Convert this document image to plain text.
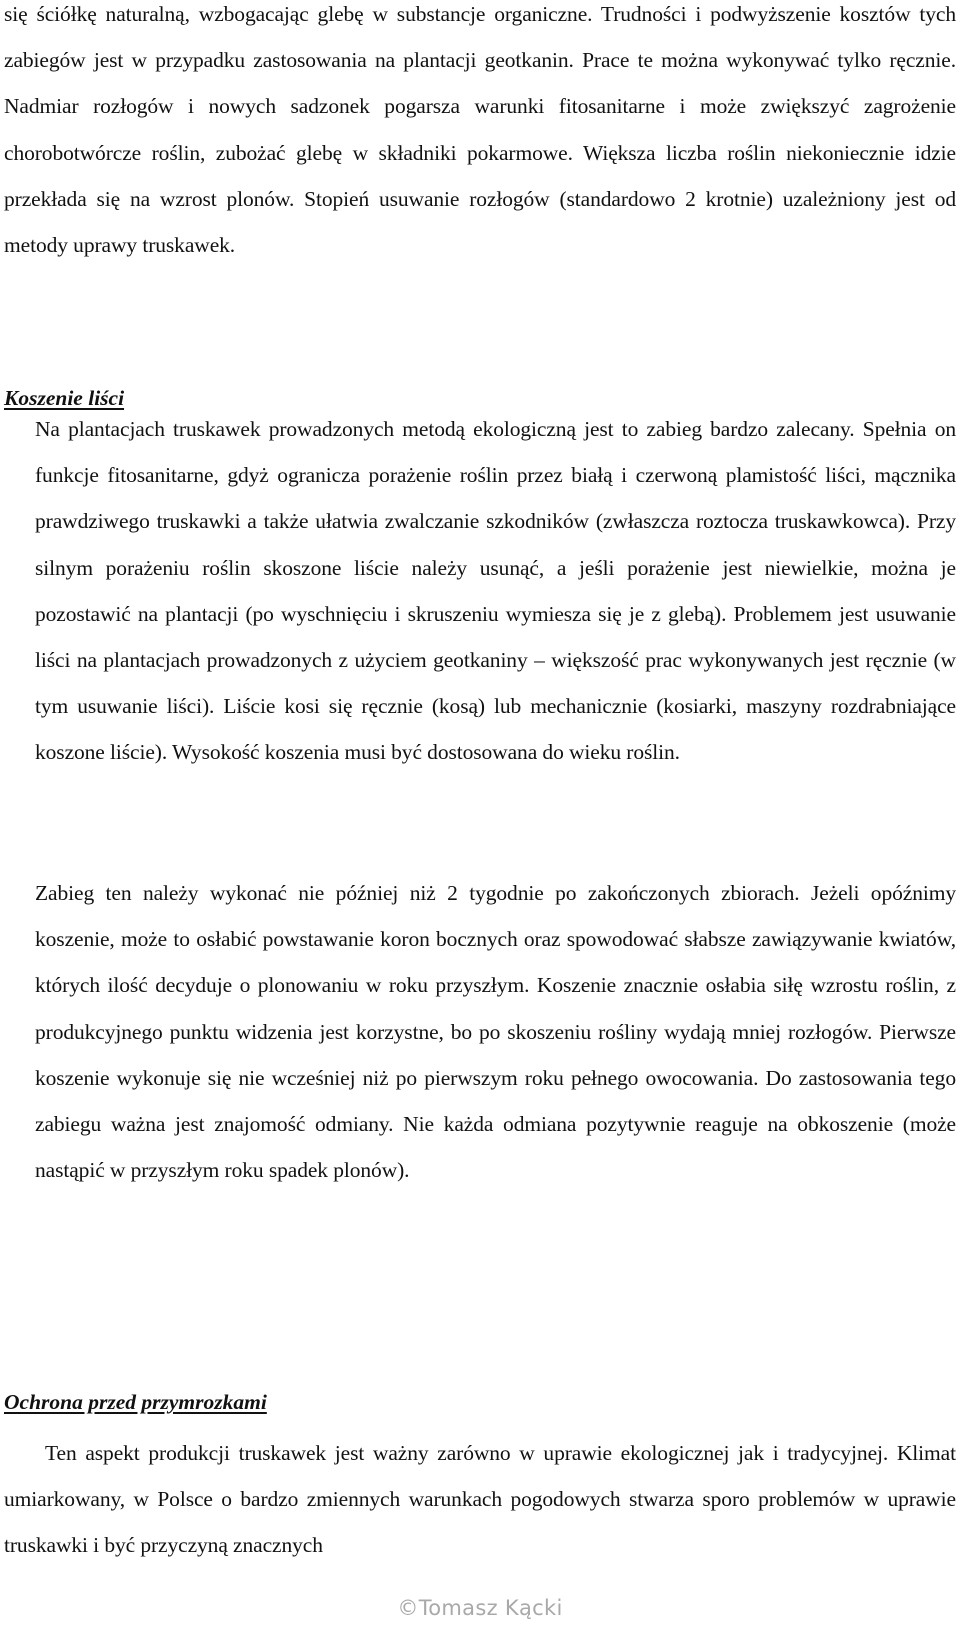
się ściółkę naturalną, wzbogacając glebę w substancje organiczne. Trudności i podwyższenie kosztów tych zabiegów jest w przypadku zastosowania na plantacji geotkanin. Prace te można wykonywać tylko ręcznie. Nadmiar rozłogów i nowych sadzonek pogarsza warunki fitosanitarne i może zwiększyć zagrożenie chorobotwórcze roślin, zubożać glebę w składniki pokarmowe. Większa liczba roślin niekoniecznie idzie przekłada się na wzrost plonów. Stopień usuwanie rozłogów (standardowo 2 krotnie) uzależniony jest od metody uprawy truskawek.

Koszenie liści

Na plantacjach truskawek prowadzonych metodą ekologiczną jest to zabieg bardzo zalecany. Spełnia on funkcje fitosanitarne, gdyż ogranicza porażenie roślin przez białą i czerwoną plamistość liści, mącznika prawdziwego truskawki a także ułatwia zwalczanie szkodników (zwłaszcza roztocza truskawkowca). Przy silnym porażeniu roślin skoszone liście należy usunąć, a jeśli porażenie jest niewielkie, można je pozostawić na plantacji (po wyschnięciu i skruszeniu wymiesza się je z glebą). Problemem jest usuwanie liści na plantacjach prowadzonych z użyciem geotkaniny – większość prac wykonywanych jest ręcznie (w tym usuwanie liści). Liście kosi się ręcznie (kosą) lub mechanicznie (kosiarki, maszyny rozdrabniające koszone liście). Wysokość koszenia musi być dostosowana do wieku roślin.

Zabieg ten należy wykonać nie później niż 2 tygodnie po zakończonych zbiorach. Jeżeli opóźnimy koszenie, może to osłabić powstawanie koron bocznych oraz spowodować słabsze zawiązywanie kwiatów, których ilość decyduje o plonowaniu w roku przyszłym. Koszenie znacznie osłabia siłę wzrostu roślin, z produkcyjnego punktu widzenia jest korzystne, bo po skoszeniu rośliny wydają mniej rozłogów. Pierwsze koszenie wykonuje się nie wcześniej niż po pierwszym roku pełnego owocowania. Do zastosowania tego zabiegu ważna jest znajomość odmiany. Nie każda odmiana pozytywnie reaguje na obkoszenie (może nastąpić w przyszłym roku spadek plonów).

Ochrona przed przymrozkami

Ten aspekt produkcji truskawek jest ważny zarówno w uprawie ekologicznej jak i tradycyjnej. Klimat umiarkowany, w Polsce o bardzo zmiennych warunkach pogodowych stwarza sporo problemów w uprawie truskawki i być przyczyną znacznych

©Tomasz Kącki
